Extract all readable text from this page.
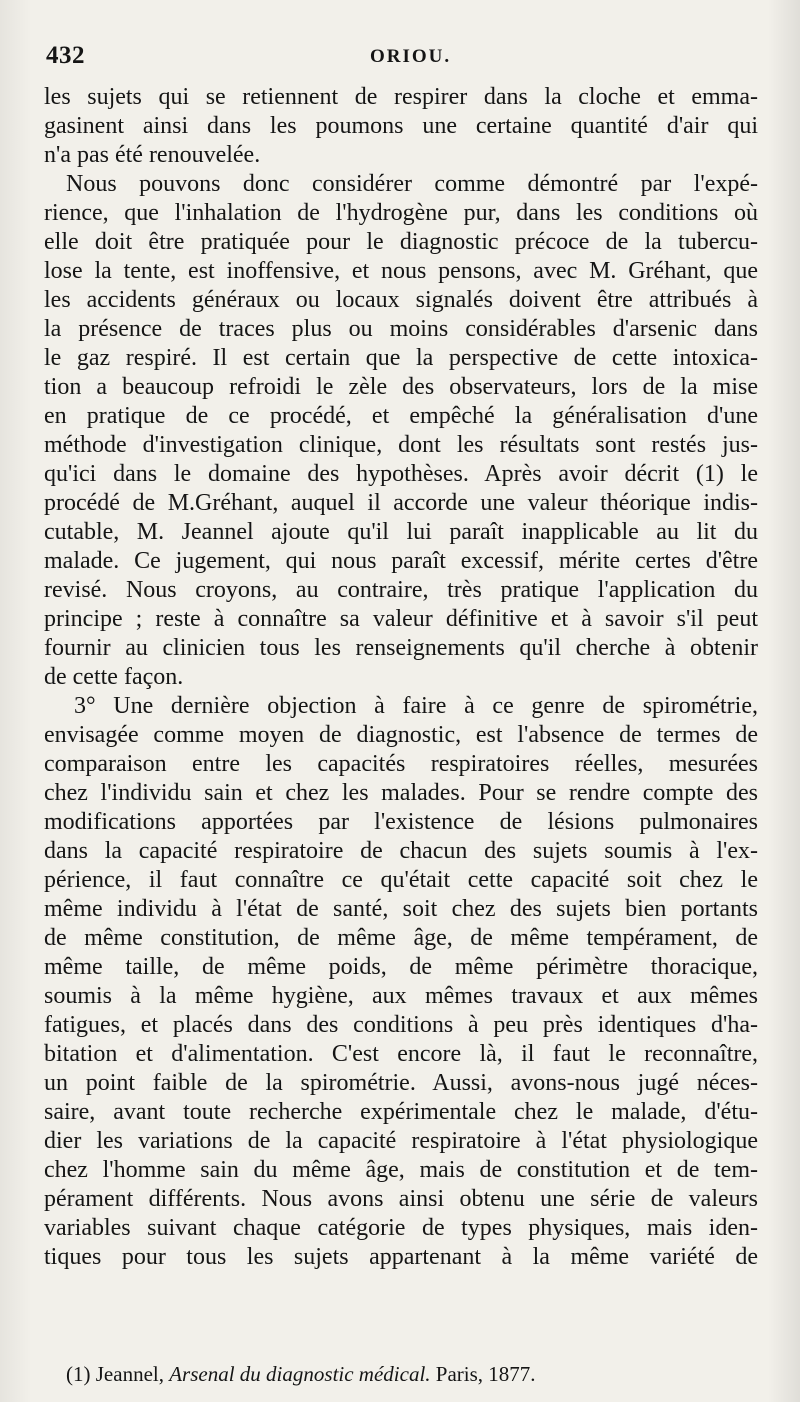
432	ORIOU.
les sujets qui se retiennent de respirer dans la cloche et emma-
gasinent ainsi dans les poumons une certaine quantité d'air qui
n'a pas été renouvelée.
Nous pouvons donc considérer comme démontré par l'expé-
rience, que l'inhalation de l'hydrogène pur, dans les conditions où
elle doit être pratiquée pour le diagnostic précoce de la tubercu-
lose la tente, est inoffensive, et nous pensons, avec M. Gréhant, que
les accidents généraux ou locaux signalés doivent être attribués à
la présence de traces plus ou moins considérables d'arsenic dans
le gaz respiré. Il est certain que la perspective de cette intoxica-
tion a beaucoup refroidi le zèle des observateurs, lors de la mise
en pratique de ce procédé, et empêché la généralisation d'une
méthode d'investigation clinique, dont les résultats sont restés jus-
qu'ici dans le domaine des hypothèses. Après avoir décrit (1) le
procédé de M.Gréhant, auquel il accorde une valeur théorique indis-
cutable, M. Jeannel ajoute qu'il lui paraît inapplicable au lit du
malade. Ce jugement, qui nous paraît excessif, mérite certes d'être
revisé. Nous croyons, au contraire, très pratique l'application du
principe ; reste à connaître sa valeur définitive et à savoir s'il peut
fournir au clinicien tous les renseignements qu'il cherche à obtenir
de cette façon.
3° Une dernière objection à faire à ce genre de spirométrie,
envisagée comme moyen de diagnostic, est l'absence de termes de
comparaison entre les capacités respiratoires réelles, mesurées
chez l'individu sain et chez les malades. Pour se rendre compte des
modifications apportées par l'existence de lésions pulmonaires
dans la capacité respiratoire de chacun des sujets soumis à l'ex-
périence, il faut connaître ce qu'était cette capacité soit chez le
même individu à l'état de santé, soit chez des sujets bien portants
de même constitution, de même âge, de même tempérament, de
même taille, de même poids, de même périmètre thoracique,
soumis à la même hygiène, aux mêmes travaux et aux mêmes
fatigues, et placés dans des conditions à peu près identiques d'ha-
bitation et d'alimentation. C'est encore là, il faut le reconnaître,
un point faible de la spirométrie. Aussi, avons-nous jugé néces-
saire, avant toute recherche expérimentale chez le malade, d'étu-
dier les variations de la capacité respiratoire à l'état physiologique
chez l'homme sain du même âge, mais de constitution et de tem-
pérament différents. Nous avons ainsi obtenu une série de valeurs
variables suivant chaque catégorie de types physiques, mais iden-
tiques pour tous les sujets appartenant à la même variété de
(1) Jeannel, Arsenal du diagnostic médical. Paris, 1877.
